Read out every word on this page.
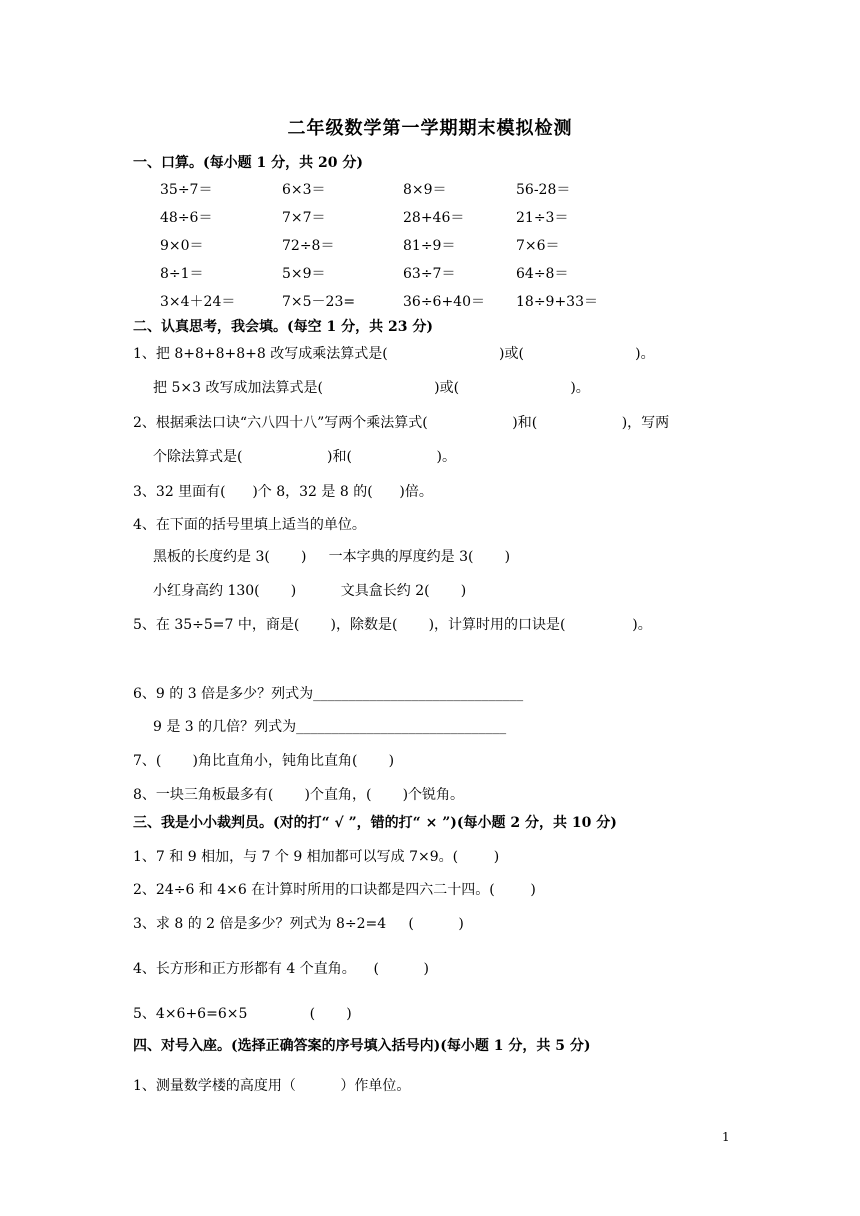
二年级数学第一学期期末模拟检测
一、口算。(每小题 1 分，共 20 分)
35÷7＝	6×3＝	8×9＝	56-28＝
48÷6＝	7×7＝	28+46＝	21÷3＝
9×0＝	72÷8＝	81÷9＝	7×6＝
8÷1＝	5×9＝	63÷7＝	64÷8＝
3×4＋24＝	7×5－23=	36÷6+40＝ 18÷9+33＝
二、认真思考，我会填。(每空 1 分，共 23 分)
1、把 8+8+8+8+8 改写成乘法算式是(                         )或(                         )。
把 5×3 改写成加法算式是(                         )或(                         )。
2、根据乘法口诀“六八四十八”写两个乘法算式(                   )和(                   )，写两
个除法算式是(                   )和(                   )。
3、32 里面有(      )个 8，32 是 8 的(      )倍。
4、在下面的括号里填上适当的单位。
黑板的长度约是 3(       )     一本字典的厚度约是 3(       )
小红身高约 130(       )          文具盒长约 2(       )
5、在 35÷5=7 中，商是(       )，除数是(       )，计算时用的口诀是(               )。
6、9 的 3 倍是多少？列式为______________________________
9 是 3 的几倍？列式为______________________________
7、(       )角比直角小，钝角比直角(       )
8、一块三角板最多有(       )个直角，(       )个锐角。
三、我是小小裁判员。(对的打“ √ ”，错的打“ × ”)(每小题 2 分，共 10 分)
1、7 和 9 相加，与 7 个 9 相加都可以写成 7×9。(        )
2、24÷6 和 4×6 在计算时所用的口诀都是四六二十四。(        )
3、求 8 的 2 倍是多少？列式为 8÷2=4     (          )
4、长方形和正方形都有 4 个直角。    (          )
5、4×6+6=6×5              (       )
四、对号入座。(选择正确答案的序号填入括号内)(每小题 1 分，共 5 分)
1、测量数学楼的高度用（          ）作单位。
1
